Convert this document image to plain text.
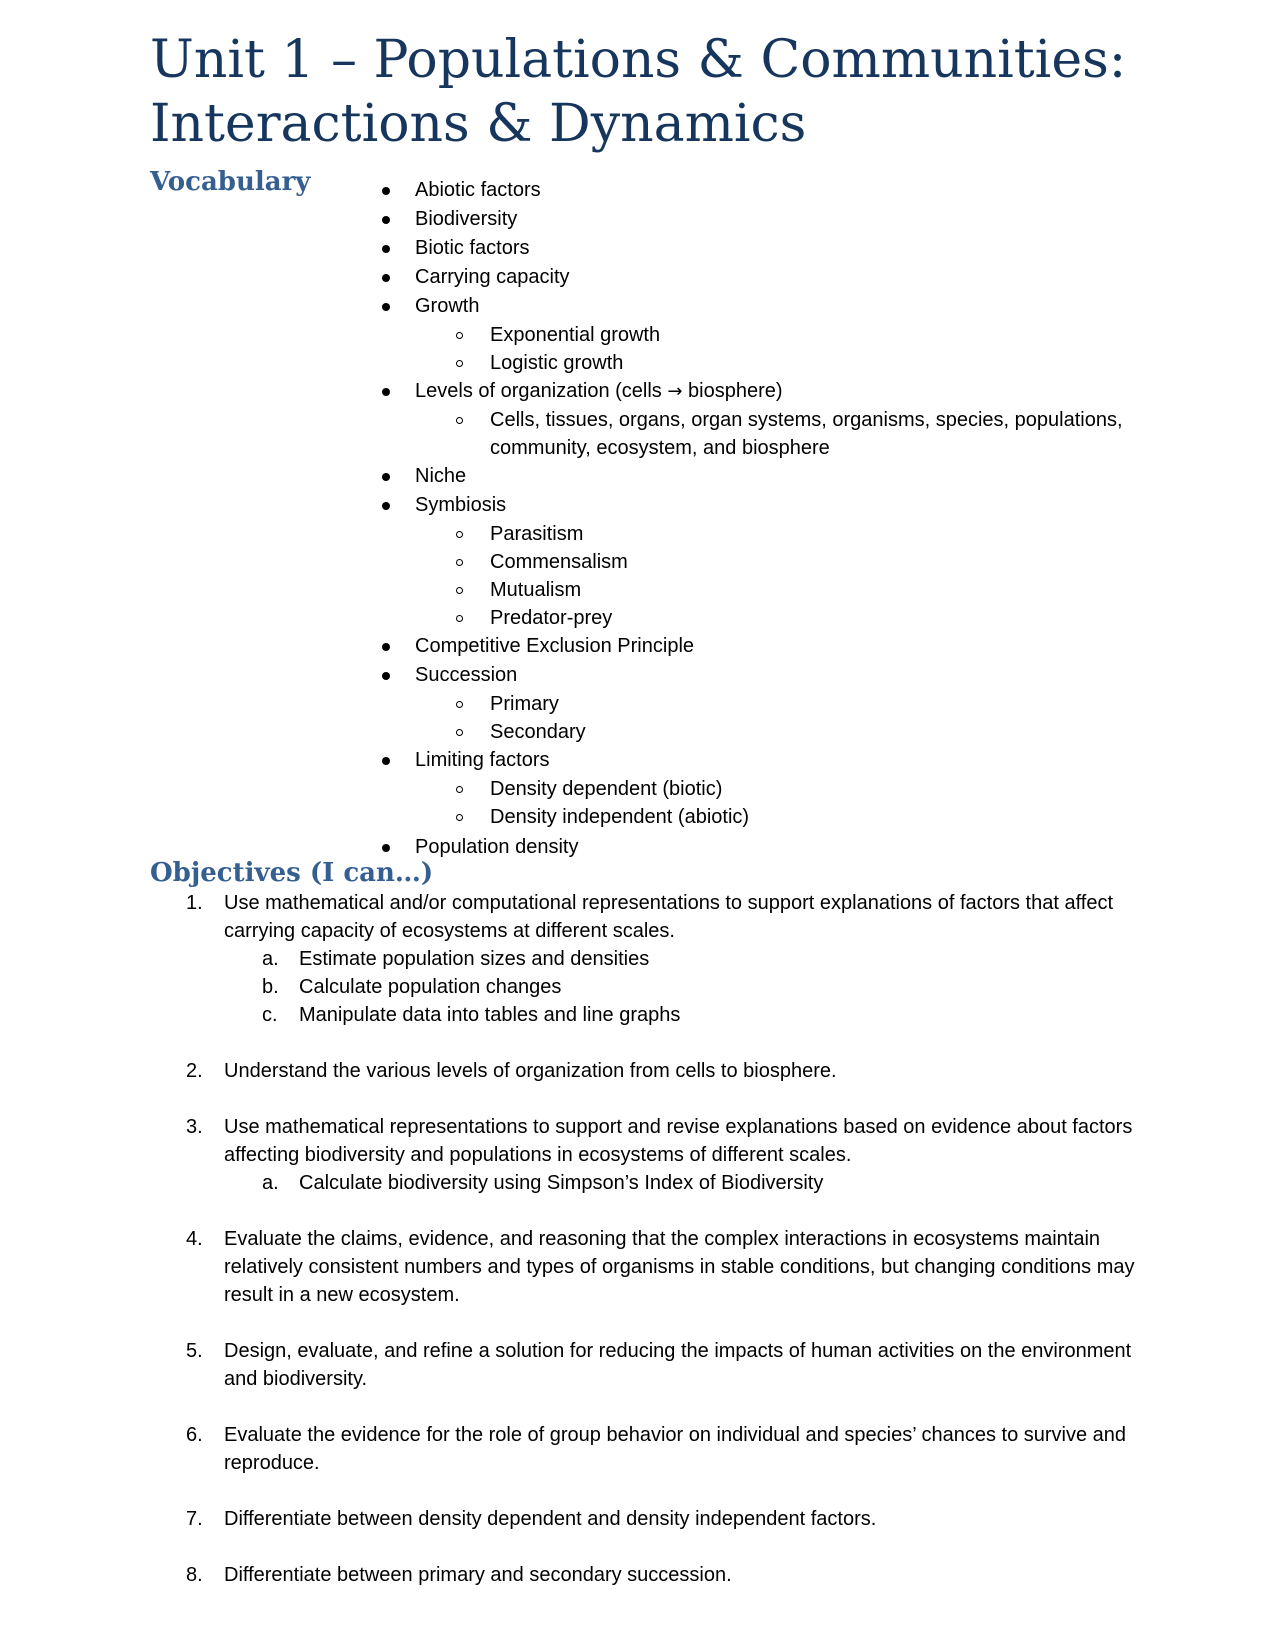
Unit 1 – Populations & Communities: Interactions & Dynamics
Vocabulary	Abiotic factors
Biodiversity
Biotic factors
Carrying capacity
Growth
Exponential growth
Logistic growth
Levels of organization (cells → biosphere)
Cells, tissues, organs, organ systems, organisms, species, populations, community, ecosystem, and biosphere
Niche
Symbiosis
Parasitism
Commensalism
Mutualism
Predator-prey
Competitive Exclusion Principle
Succession
Primary
Secondary
Limiting factors
Density dependent (biotic)
Density independent (abiotic)
Population density
Objectives (I can…)
1. Use mathematical and/or computational representations to support explanations of factors that affect carrying capacity of ecosystems at different scales.
a. Estimate population sizes and densities
b. Calculate population changes
c. Manipulate data into tables and line graphs
2. Understand the various levels of organization from cells to biosphere.
3. Use mathematical representations to support and revise explanations based on evidence about factors affecting biodiversity and populations in ecosystems of different scales.
a. Calculate biodiversity using Simpson’s Index of Biodiversity
4. Evaluate the claims, evidence, and reasoning that the complex interactions in ecosystems maintain relatively consistent numbers and types of organisms in stable conditions, but changing conditions may result in a new ecosystem.
5. Design, evaluate, and refine a solution for reducing the impacts of human activities on the environment and biodiversity.
6. Evaluate the evidence for the role of group behavior on individual and species’ chances to survive and reproduce.
7. Differentiate between density dependent and density independent factors.
8. Differentiate between primary and secondary succession.
